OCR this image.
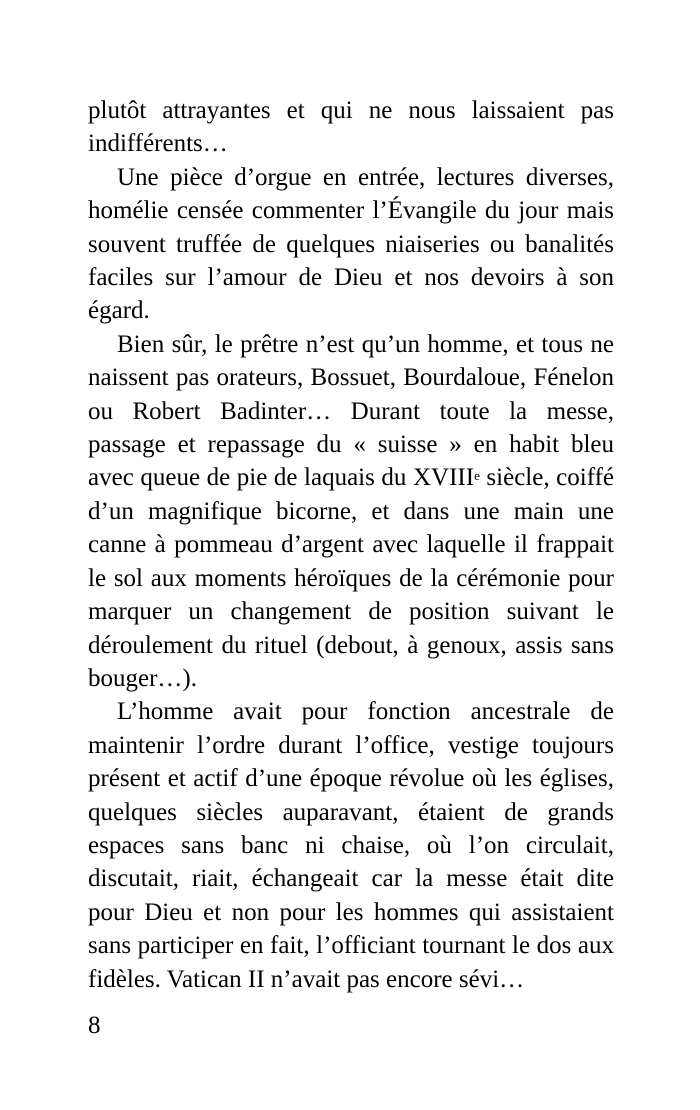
plutôt attrayantes et qui ne nous laissaient pas indifférents…

Une pièce d’orgue en entrée, lectures diverses, homélie censée commenter l’Évangile du jour mais souvent truffée de quelques niaiseries ou banalités faciles sur l’amour de Dieu et nos devoirs à son égard.

Bien sûr, le prêtre n’est qu’un homme, et tous ne naissent pas orateurs, Bossuet, Bourdaloue, Fénelon ou Robert Badinter… Durant toute la messe, passage et repassage du « suisse » en habit bleu avec queue de pie de laquais du XVIIIe siècle, coiffé d’un magnifique bicorne, et dans une main une canne à pommeau d’argent avec laquelle il frappait le sol aux moments héroïques de la cérémonie pour marquer un changement de position suivant le déroulement du rituel (debout, à genoux, assis sans bouger…).

L’homme avait pour fonction ancestrale de maintenir l’ordre durant l’office, vestige toujours présent et actif d’une époque révolue où les églises, quelques siècles auparavant, étaient de grands espaces sans banc ni chaise, où l’on circulait, discutait, riait, échangeait car la messe était dite pour Dieu et non pour les hommes qui assistaient sans participer en fait, l’officiant tournant le dos aux fidèles. Vatican II n’avait pas encore sévi…

8
